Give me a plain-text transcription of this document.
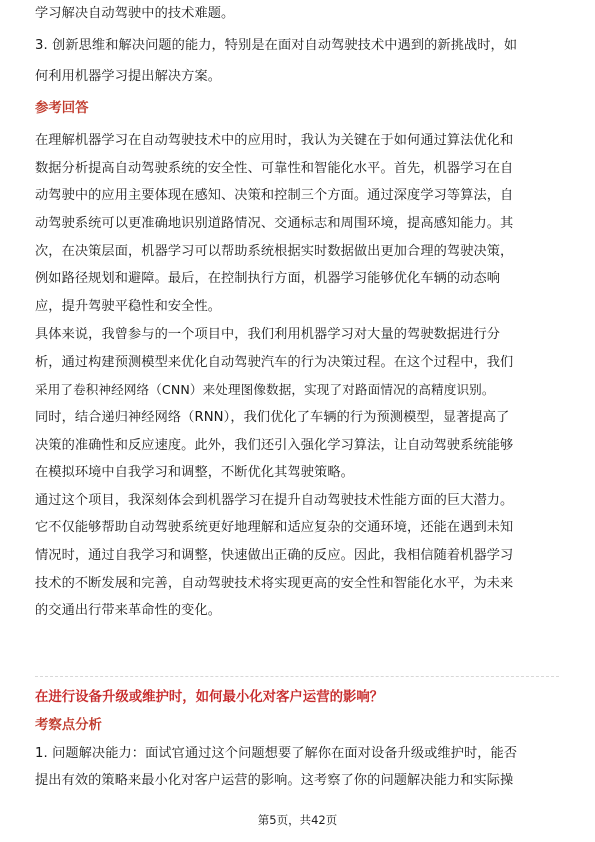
学习解决自动驾驶中的技术难题。
3. 创新思维和解决问题的能力，特别是在面对自动驾驶技术中遇到的新挑战时，如
何利用机器学习提出解决方案。
参考回答
在理解机器学习在自动驾驶技术中的应用时，我认为关键在于如何通过算法优化和
数据分析提高自动驾驶系统的安全性、可靠性和智能化水平。首先，机器学习在自
动驾驶中的应用主要体现在感知、决策和控制三个方面。通过深度学习等算法，自
动驾驶系统可以更准确地识别道路情况、交通标志和周围环境，提高感知能力。其
次，在决策层面，机器学习可以帮助系统根据实时数据做出更加合理的驾驶决策，
例如路径规划和避障。最后，在控制执行方面，机器学习能够优化车辆的动态响
应，提升驾驶平稳性和安全性。
具体来说，我曾参与的一个项目中，我们利用机器学习对大量的驾驶数据进行分
析，通过构建预测模型来优化自动驾驶汽车的行为决策过程。在这个过程中，我们
采用了卷积神经网络（CNN）来处理图像数据，实现了对路面情况的高精度识别。
同时，结合递归神经网络（RNN），我们优化了车辆的行为预测模型，显著提高了
决策的准确性和反应速度。此外，我们还引入强化学习算法，让自动驾驶系统能够
在模拟环境中自我学习和调整，不断优化其驾驶策略。
通过这个项目，我深刻体会到机器学习在提升自动驾驶技术性能方面的巨大潜力。
它不仅能够帮助自动驾驶系统更好地理解和适应复杂的交通环境，还能在遇到未知
情况时，通过自我学习和调整，快速做出正确的反应。因此，我相信随着机器学习
技术的不断发展和完善，自动驾驶技术将实现更高的安全性和智能化水平，为未来
的交通出行带来革命性的变化。
在进行设备升级或维护时，如何最小化对客户运营的影响？
考察点分析
1. 问题解决能力：面试官通过这个问题想要了解你在面对设备升级或维护时，能否
提出有效的策略来最小化对客户运营的影响。这考察了你的问题解决能力和实际操
第5页，共42页
